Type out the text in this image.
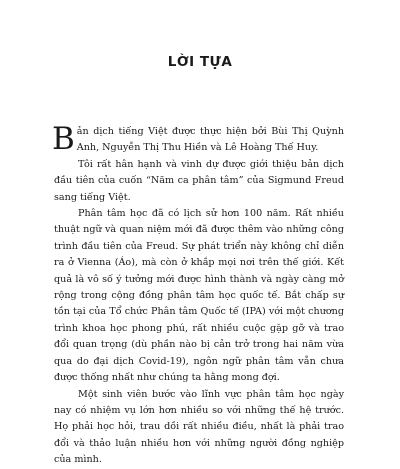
LỜI TỰA

Bản dịch tiếng Việt được thực hiện bởi Bùi Thị Quỳnh Anh, Nguyễn Thị Thu Hiền và Lê Hoàng Thế Huy.

Tôi rất hân hạnh và vinh dự được giới thiệu bản dịch đầu tiên của cuốn “Năm ca phân tâm” của Sigmund Freud sang tiếng Việt.

Phân tâm học đã có lịch sử hơn 100 năm. Rất nhiều thuật ngữ và quan niệm mới đã được thêm vào những công trình đầu tiên của Freud. Sự phát triển này không chỉ diễn ra ở Vienna (Áo), mà còn ở khắp mọi nơi trên thế giới. Kết quả là vô số ý tưởng mới được hình thành và ngày càng mở rộng trong cộng đồng phân tâm học quốc tế. Bắt chấp sự tồn tại của Tổ chức Phân tâm Quốc tế (IPA) với một chương trình khoa học phong phú, rất nhiều cuộc gặp gỡ và trao đổi quan trọng (dù phần nào bị cản trở trong hai năm vừa qua do đại dịch Covid-19), ngôn ngữ phân tâm vẫn chưa được thống nhất như chúng ta hằng mong đợi.

Một sinh viên bước vào lĩnh vực phân tâm học ngày nay có nhiệm vụ lớn hơn nhiều so với những thế hệ trước. Họ phải học hỏi, trau dồi rất nhiều điều, nhất là phải trao đổi và thảo luận nhiều hơn với những người đồng nghiệp của mình.
